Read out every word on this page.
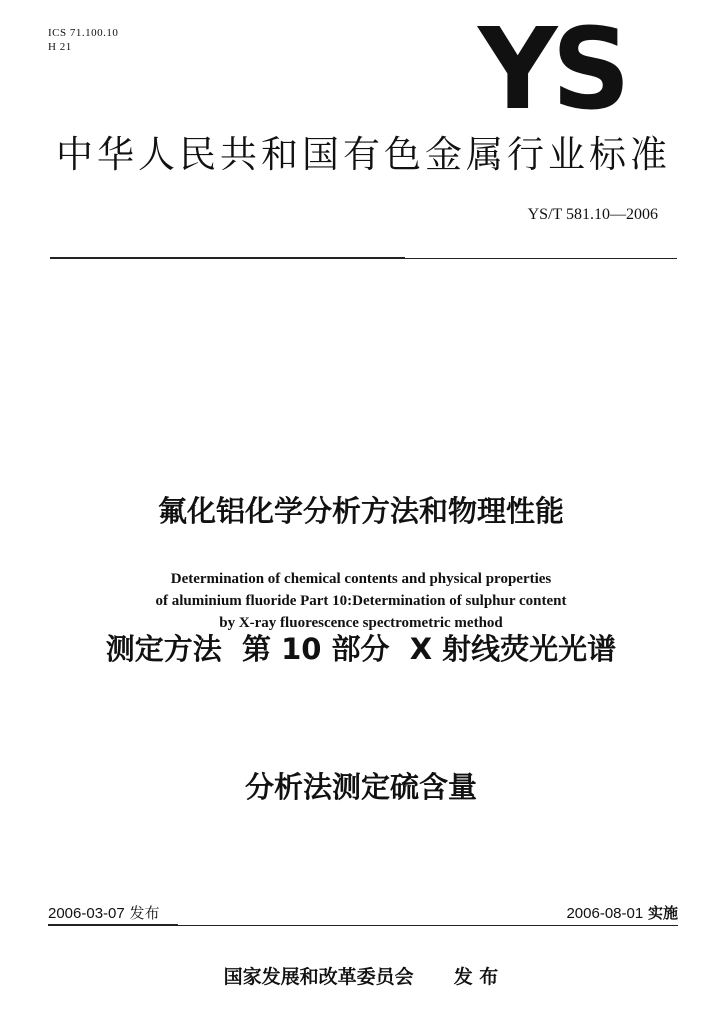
ICS 71.100.10
H 21	YS
中华人民共和国有色金属行业标准
YS/T 581.10—2006

氟化铝化学分析方法和物理性能

测定方法  第 10 部分  X 射线荧光光谱

分析法测定硫含量

Determination of chemical contents and physical properties
of aluminium fluoride Part 10:Determination of sulphur content
by X-ray fluorescence spectrometric method
2006-03-07 发布	2006-08-01 实施
国家发展和改革委员会 发 布
